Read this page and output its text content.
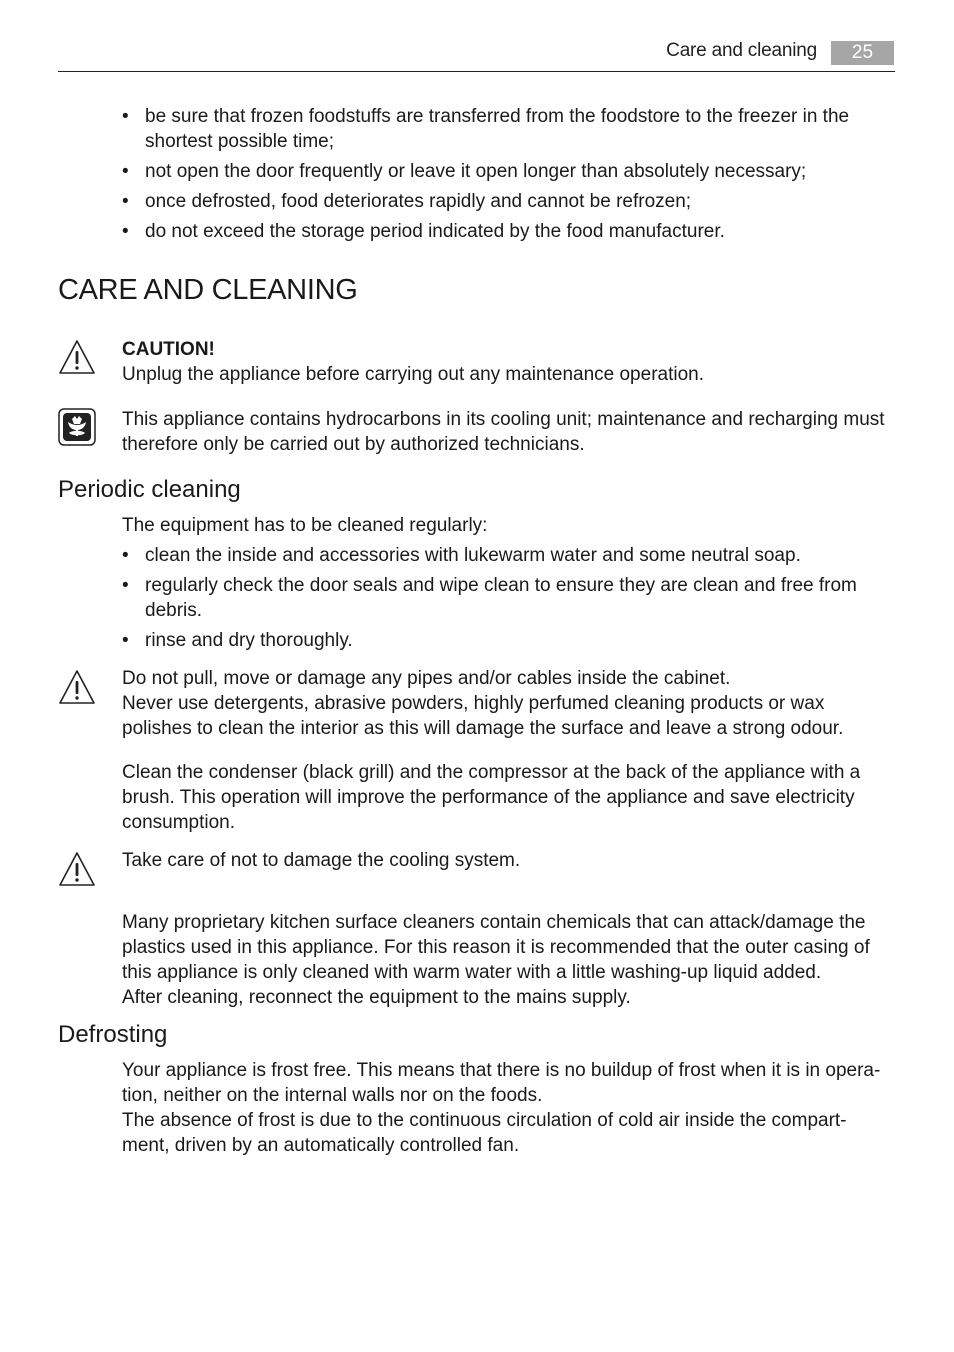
Care and cleaning	25
• be sure that frozen foodstuffs are transferred from the foodstore to the freezer in the shortest possible time;
• not open the door frequently or leave it open longer than absolutely necessary;
• once defrosted, food deteriorates rapidly and cannot be refrozen;
• do not exceed the storage period indicated by the food manufacturer.
CARE AND CLEANING

CAUTION!

Unplug the appliance before carrying out any maintenance operation.

This appliance contains hydrocarbons in its cooling unit; maintenance and recharging must therefore only be carried out by authorized technicians.
Periodic cleaning
The equipment has to be cleaned regularly:
• clean the inside and accessories with lukewarm water and some neutral soap.
• regularly check the door seals and wipe clean to ensure they are clean and free from debris.
• rinse and dry thoroughly.

Do not pull, move or damage any pipes and/or cables inside the cabinet.

Never use detergents, abrasive powders, highly perfumed cleaning products or wax polishes to clean the interior as this will damage the surface and leave a strong odour.

Clean the condenser (black grill) and the compressor at the back of the appliance with a brush. This operation will improve the performance of the appliance and save electricity consumption.
Take care of not to damage the cooling system.

Many proprietary kitchen surface cleaners contain chemicals that can attack/damage the plastics used in this appliance. For this reason it is recommended that the outer casing of this appliance is only cleaned with warm water with a little washing-up liquid added.

After cleaning, reconnect the equipment to the mains supply.

Defrosting

Your appliance is frost free. This means that there is no buildup of frost when it is in opera-tion, neither on the internal walls nor on the foods.

The absence of frost is due to the continuous circulation of cold air inside the compart-ment, driven by an automatically controlled fan.
